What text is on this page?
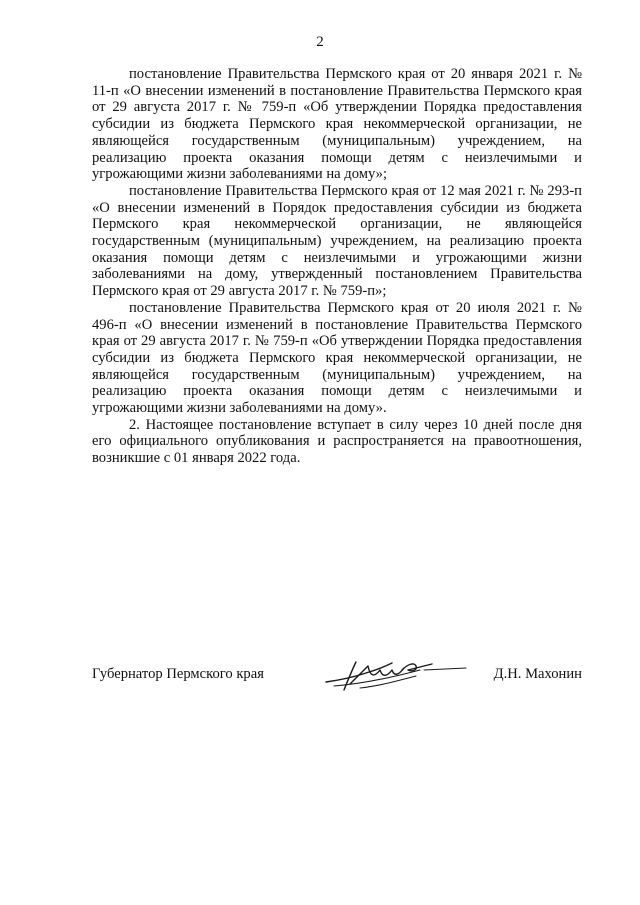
2

постановление Правительства Пермского края от 20 января 2021 г. № 11-п «О внесении изменений в постановление Правительства Пермского края от 29 августа 2017 г. № 759-п «Об утверждении Порядка предоставления субсидии из бюджета Пермского края некоммерческой организации, не являющейся государственным (муниципальным) учреждением, на реализацию проекта оказания помощи детям с неизлечимыми и угрожающими жизни заболеваниями на дому»;

постановление Правительства Пермского края от 12 мая 2021 г. № 293-п «О внесении изменений в Порядок предоставления субсидии из бюджета Пермского края некоммерческой организации, не являющейся государственным (муниципальным) учреждением, на реализацию проекта оказания помощи детям с неизлечимыми и угрожающими жизни заболеваниями на дому, утвержденный постановлением Правительства Пермского края от 29 августа 2017 г. № 759-п»;

постановление Правительства Пермского края от 20 июля 2021 г. № 496-п «О внесении изменений в постановление Правительства Пермского края от 29 августа 2017 г. № 759-п «Об утверждении Порядка предоставления субсидии из бюджета Пермского края некоммерческой организации, не являющейся государственным (муниципальным) учреждением, на реализацию проекта оказания помощи детям с неизлечимыми и угрожающими жизни заболеваниями на дому».

2. Настоящее постановление вступает в силу через 10 дней после дня его официального опубликования и распространяется на правоотношения, возникшие с 01 января 2022 года.

Губернатор Пермского края	Д.Н. Махонин
